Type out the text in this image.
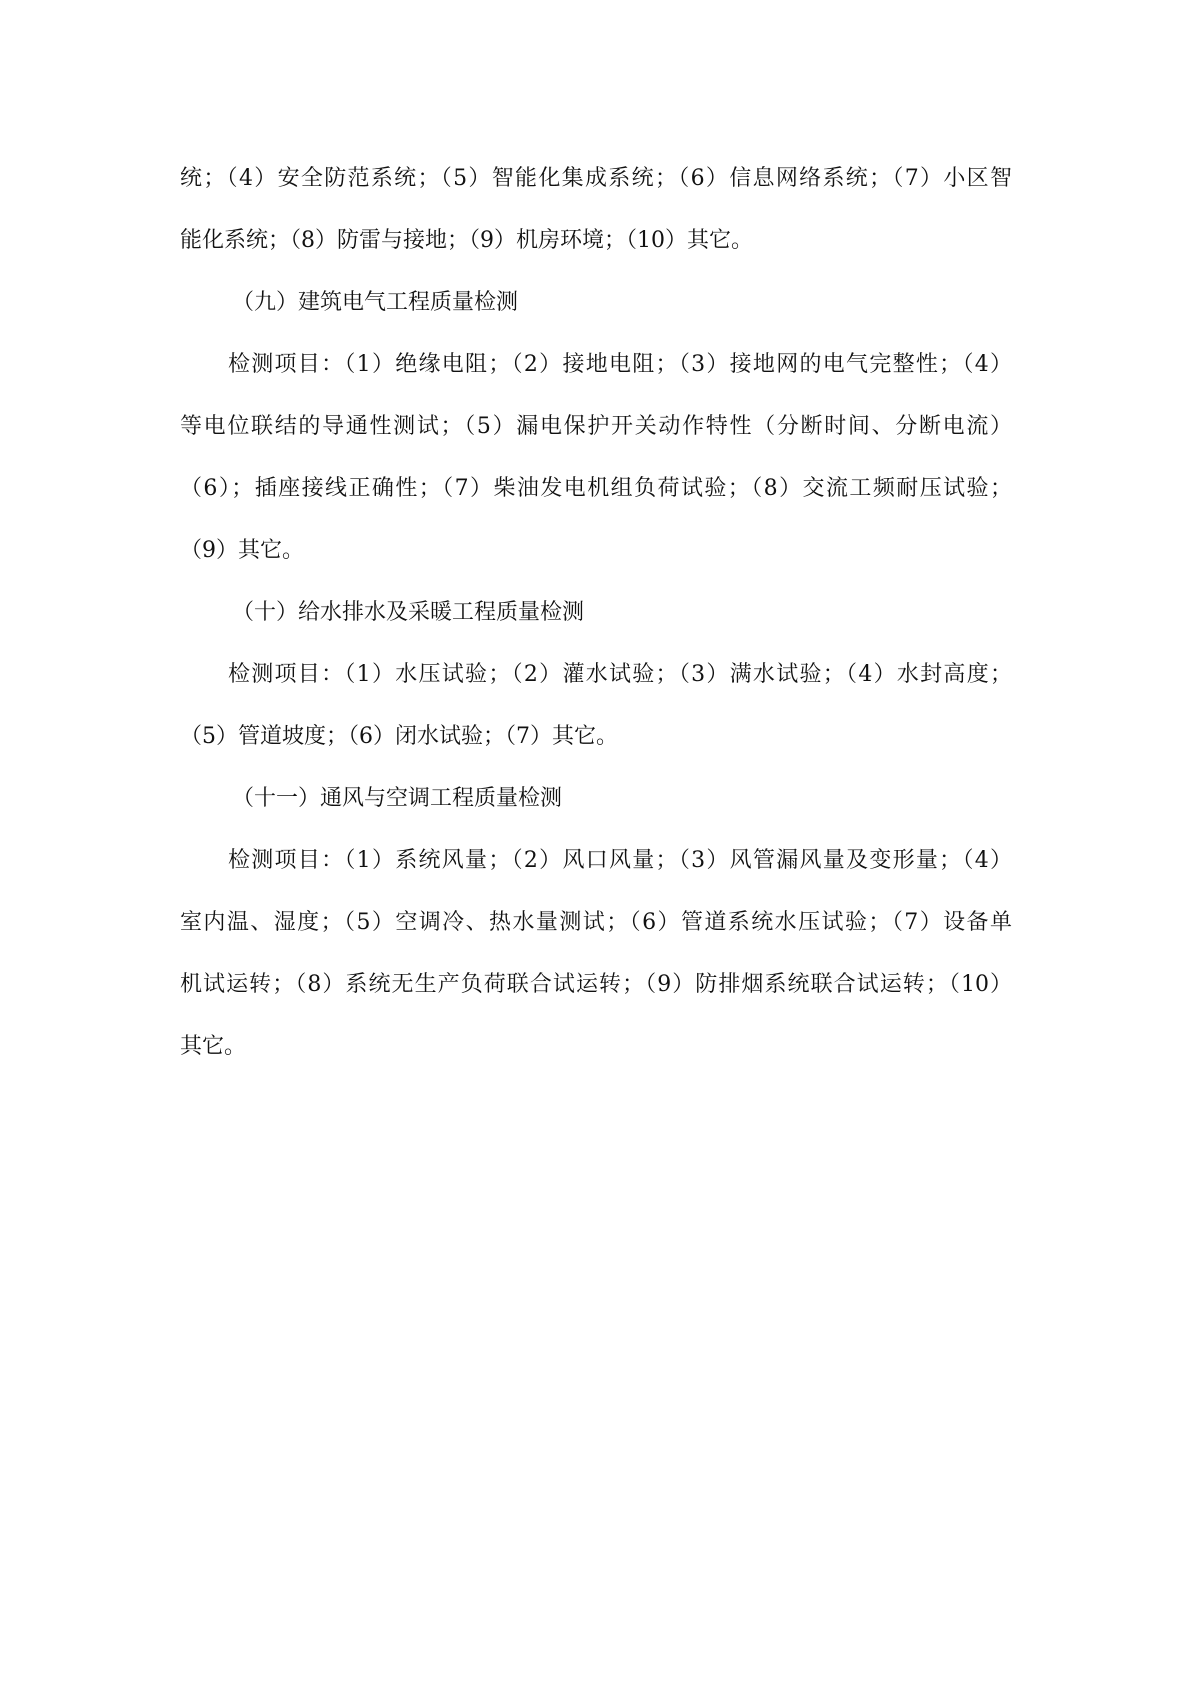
统；（4）安全防范系统；（5）智能化集成系统；（6）信息网络系统；（7）小区智
能化系统；（8）防雷与接地；（9）机房环境；（10）其它。
（九）建筑电气工程质量检测
检测项目：（1）绝缘电阻；（2）接地电阻；（3）接地网的电气完整性；（4）
等电位联结的导通性测试；（5）漏电保护开关动作特性（分断时间、分断电流）
（6）；插座接线正确性；（7）柴油发电机组负荷试验；（8）交流工频耐压试验；
（9）其它。
（十）给水排水及采暖工程质量检测
检测项目：（1）水压试验；（2）灌水试验；（3）满水试验；（4）水封高度；
（5）管道坡度；（6）闭水试验；（7）其它。
（十一）通风与空调工程质量检测
检测项目：（1）系统风量；（2）风口风量；（3）风管漏风量及变形量；（4）
室内温、湿度；（5）空调冷、热水量测试；（6）管道系统水压试验；（7）设备单
机试运转；（8）系统无生产负荷联合试运转；（9）防排烟系统联合试运转；（10）
其它。
